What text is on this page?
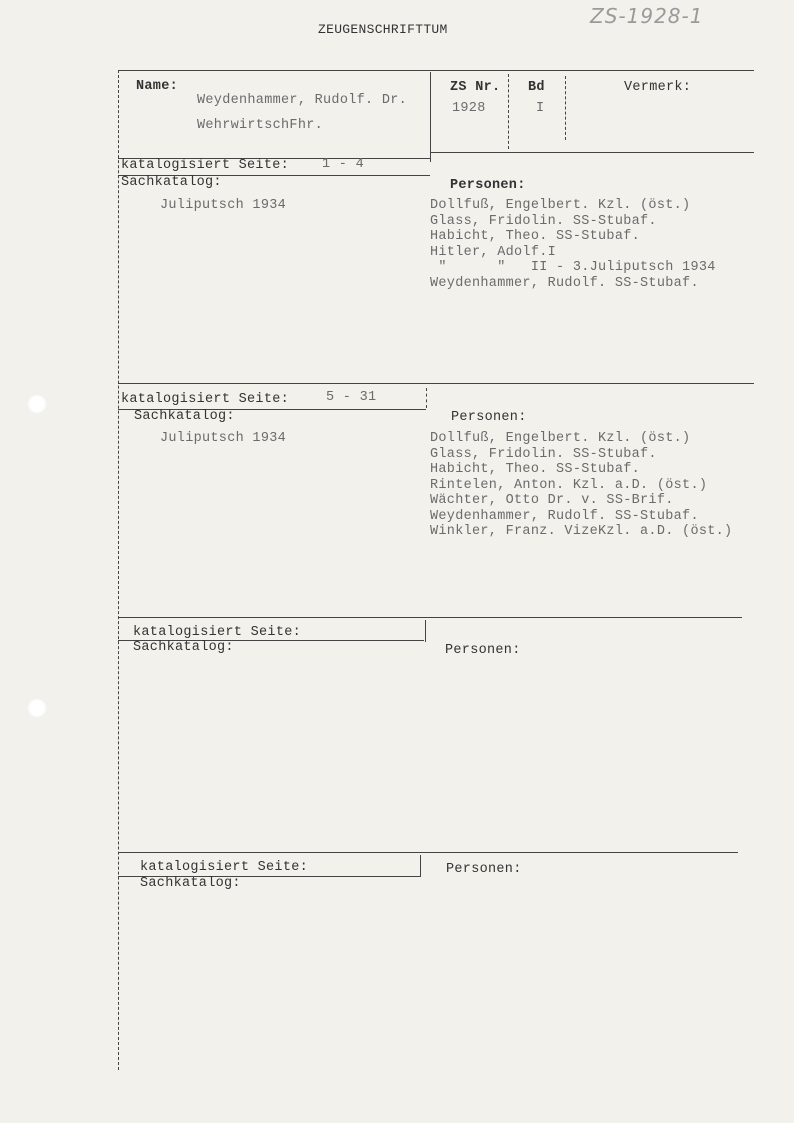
ZEUGENSCHRIFTTUM
ZS-1928-1
Name:
Weydenhammer, Rudolf. Dr.
WehrwirtschFhr.
ZS Nr.
1928
Bd
I
Vermerk:
katalogisiert Seite: 1 - 4
Sachkatalog:
Juliputsch 1934
Personen:
Dollfuß, Engelbert. Kzl. (öst.)
Glass, Fridolin. SS-Stubaf.
Habicht, Theo. SS-Stubaf.
Hitler, Adolf.I
"      "   II - 3.Juliputsch 1934
Weydenhammer, Rudolf. SS-Stubaf.
katalogisiert Seite:	5 - 31
Sachkatalog:
Juliputsch 1934
Personen:
Dollfuß, Engelbert. Kzl. (öst.)
Glass, Fridolin. SS-Stubaf.
Habicht, Theo. SS-Stubaf.
Rintelen, Anton. Kzl. a.D. (öst.)
Wächter, Otto Dr. v. SS-Brif.
Weydenhammer, Rudolf. SS-Stubaf.
Winkler, Franz. VizeKzl. a.D. (öst.)
katalogisiert Seite:
Sachkatalog:	Personen:
katalogisiert Seite:
Sachkatalog:
Personen:
